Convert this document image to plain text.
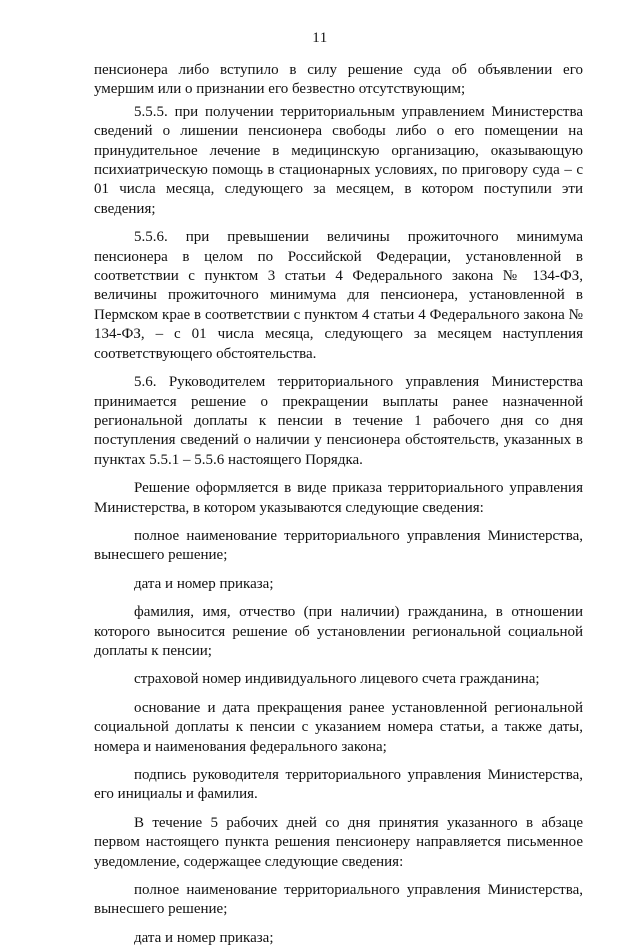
11

пенсионера либо вступило в силу решение суда об объявлении его умершим или о признании его безвестно отсутствующим;

5.5.5. при получении территориальным управлением Министерства сведений о лишении пенсионера свободы либо о его помещении на принудительное лечение в медицинскую организацию, оказывающую психиатрическую помощь в стационарных условиях, по приговору суда – с 01 числа месяца, следующего за месяцем, в котором поступили эти сведения;

5.5.6. при превышении величины прожиточного минимума пенсионера в целом по Российской Федерации, установленной в соответствии с пунктом 3 статьи 4 Федерального закона № 134-ФЗ, величины прожиточного минимума для пенсионера, установленной в Пермском крае в соответствии с пунктом 4 статьи 4 Федерального закона № 134-ФЗ, – с 01 числа месяца, следующего за месяцем наступления соответствующего обстоятельства.

5.6. Руководителем территориального управления Министерства принимается решение о прекращении выплаты ранее назначенной региональной доплаты к пенсии в течение 1 рабочего дня со дня поступления сведений о наличии у пенсионера обстоятельств, указанных в пунктах 5.5.1 – 5.5.6 настоящего Порядка.

Решение оформляется в виде приказа территориального управления Министерства, в котором указываются следующие сведения:

полное наименование территориального управления Министерства, вынесшего решение;

дата и номер приказа;

фамилия, имя, отчество (при наличии) гражданина, в отношении которого выносится решение об установлении региональной социальной доплаты к пенсии;

страховой номер индивидуального лицевого счета гражданина;

основание и дата прекращения ранее установленной региональной социальной доплаты к пенсии с указанием номера статьи, а также даты, номера и наименования федерального закона;

подпись руководителя территориального управления Министерства, его инициалы и фамилия.

В течение 5 рабочих дней со дня принятия указанного в абзаце первом настоящего пункта решения пенсионеру направляется письменное уведомление, содержащее следующие сведения:

полное наименование территориального управления Министерства, вынесшего решение;

дата и номер приказа;
